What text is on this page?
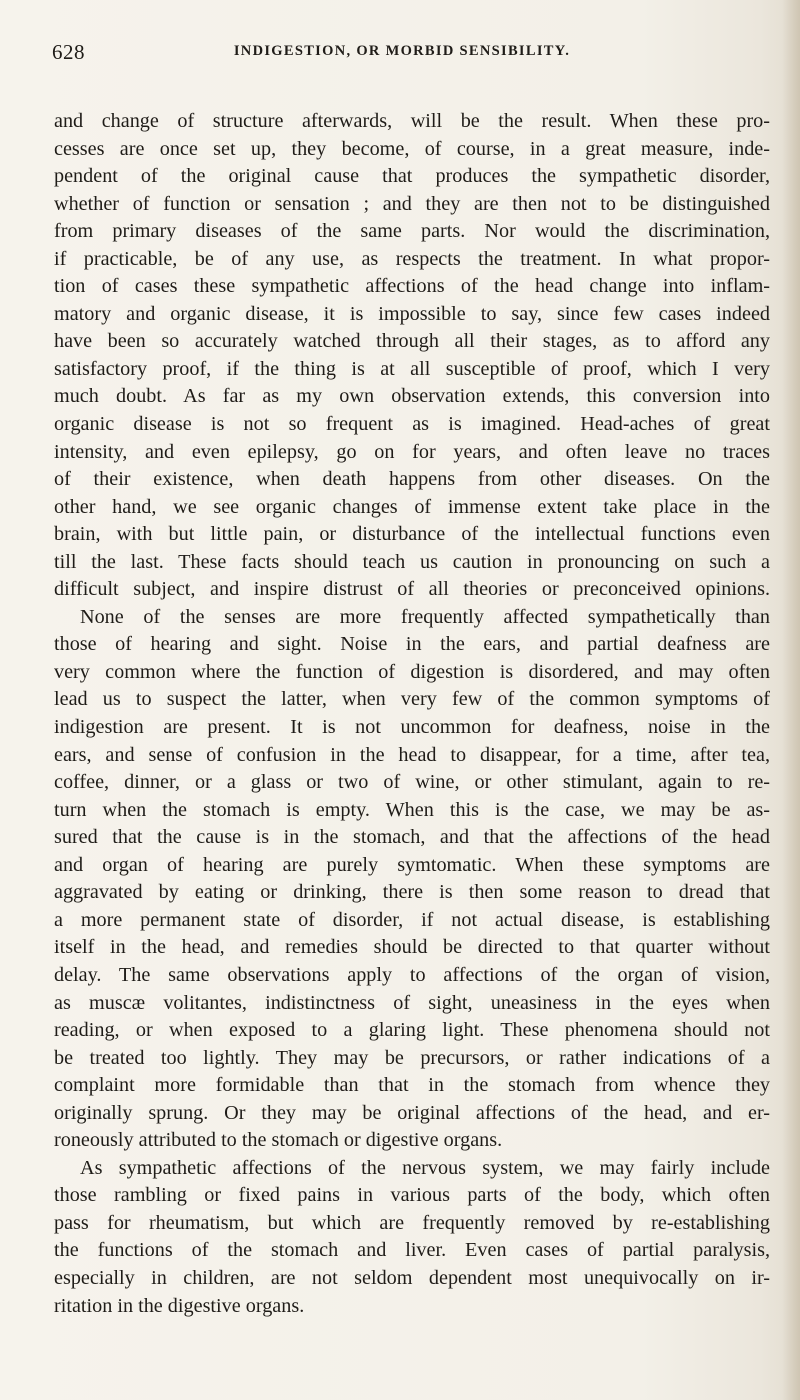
628	INDIGESTION, OR MORBID SENSIBILITY.
and change of structure afterwards, will be the result. When these pro-
cesses are once set up, they become, of course, in a great measure, inde-
pendent of the original cause that produces the sympathetic disorder,
whether of function or sensation ; and they are then not to be distinguished
from primary diseases of the same parts. Nor would the discrimination,
if practicable, be of any use, as respects the treatment. In what propor-
tion of cases these sympathetic affections of the head change into inflam-
matory and organic disease, it is impossible to say, since few cases indeed
have been so accurately watched through all their stages, as to afford any
satisfactory proof, if the thing is at all susceptible of proof, which I very
much doubt. As far as my own observation extends, this conversion into
organic disease is not so frequent as is imagined. Head-aches of great
intensity, and even epilepsy, go on for years, and often leave no traces
of their existence, when death happens from other diseases. On the
other hand, we see organic changes of immense extent take place in the
brain, with but little pain, or disturbance of the intellectual functions even
till the last. These facts should teach us caution in pronouncing on such a
difficult subject, and inspire distrust of all theories or preconceived opinions.
None of the senses are more frequently affected sympathetically than
those of hearing and sight. Noise in the ears, and partial deafness are
very common where the function of digestion is disordered, and may often
lead us to suspect the latter, when very few of the common symptoms of
indigestion are present. It is not uncommon for deafness, noise in the
ears, and sense of confusion in the head to disappear, for a time, after tea,
coffee, dinner, or a glass or two of wine, or other stimulant, again to re-
turn when the stomach is empty. When this is the case, we may be as-
sured that the cause is in the stomach, and that the affections of the head
and organ of hearing are purely symtomatic. When these symptoms are
aggravated by eating or drinking, there is then some reason to dread that
a more permanent state of disorder, if not actual disease, is establishing
itself in the head, and remedies should be directed to that quarter without
delay. The same observations apply to affections of the organ of vision,
as muscæ volitantes, indistinctness of sight, uneasiness in the eyes when
reading, or when exposed to a glaring light. These phenomena should not
be treated too lightly. They may be precursors, or rather indications of a
complaint more formidable than that in the stomach from whence they
originally sprung. Or they may be original affections of the head, and er-
roneously attributed to the stomach or digestive organs.
As sympathetic affections of the nervous system, we may fairly include
those rambling or fixed pains in various parts of the body, which often
pass for rheumatism, but which are frequently removed by re-establishing
the functions of the stomach and liver. Even cases of partial paralysis,
especially in children, are not seldom dependent most unequivocally on ir-
ritation in the digestive organs.
